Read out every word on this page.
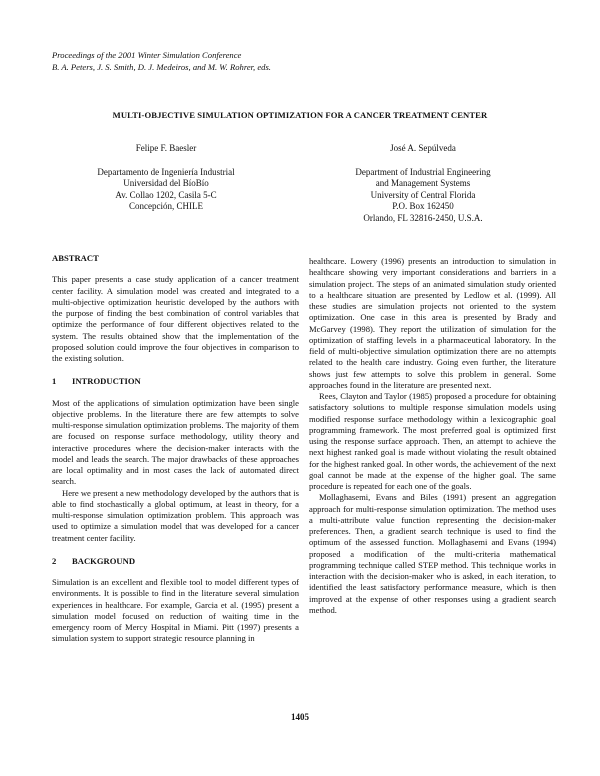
Proceedings of the 2001 Winter Simulation Conference
B. A. Peters, J. S. Smith, D. J. Medeiros, and M. W. Rohrer, eds.
MULTI-OBJECTIVE SIMULATION OPTIMIZATION FOR A CANCER TREATMENT CENTER
Felipe F. Baesler
Departamento de Ingeniería Industrial
Universidad del BíoBío
Av. Collao 1202, Casila 5-C
Concepción, CHILE
José A. Sepúlveda
Department of Industrial Engineering
and Management Systems
University of Central Florida
P.O. Box 162450
Orlando, FL 32816-2450, U.S.A.
ABSTRACT

This paper presents a case study application of a cancer treatment center facility. A simulation model was created and integrated to a multi-objective optimization heuristic developed by the authors with the purpose of finding the best combination of control variables that optimize the performance of four different objectives related to the system. The results obtained show that the implementation of the proposed solution could improve the four objectives in comparison to the existing solution.

1 INTRODUCTION

Most of the applications of simulation optimization have been single objective problems. In the literature there are few attempts to solve multi-response simulation optimization problems. The majority of them are focused on response surface methodology, utility theory and interactive procedures where the decision-maker interacts with the model and leads the search. The major drawbacks of these approaches are local optimality and in most cases the lack of automated direct search.

Here we present a new methodology developed by the authors that is able to find stochastically a global optimum, at least in theory, for a multi-response simulation optimization problem. This approach was used to optimize a simulation model that was developed for a cancer treatment center facility.

2 BACKGROUND

Simulation is an excellent and flexible tool to model different types of environments. It is possible to find in the literature several simulation experiences in healthcare. For example, Garcia et al. (1995) present a simulation model focused on reduction of waiting time in the emergency room of Mercy Hospital in Miami. Pitt (1997) presents a simulation system to support strategic resource planning in

healthcare. Lowery (1996) presents an introduction to simulation in healthcare showing very important considerations and barriers in a simulation project. The steps of an animated simulation study oriented to a healthcare situation are presented by Ledlow et al. (1999). All these studies are simulation projects not oriented to the system optimization. One case in this area is presented by Brady and McGarvey (1998). They report the utilization of simulation for the optimization of staffing levels in a pharmaceutical laboratory. In the field of multi-objective simulation optimization there are no attempts related to the health care industry. Going even further, the literature shows just few attempts to solve this problem in general. Some approaches found in the literature are presented next.

Rees, Clayton and Taylor (1985) proposed a procedure for obtaining satisfactory solutions to multiple response simulation models using modified response surface methodology within a lexicographic goal programming framework. The most preferred goal is optimized first using the response surface approach. Then, an attempt to achieve the next highest ranked goal is made without violating the result obtained for the highest ranked goal. In other words, the achievement of the next goal cannot be made at the expense of the higher goal. The same procedure is repeated for each one of the goals.

Mollaghasemi, Evans and Biles (1991) present an aggregation approach for multi-response simulation optimization. The method uses a multi-attribute value function representing the decision-maker preferences. Then, a gradient search technique is used to find the optimum of the assessed function. Mollaghasemi and Evans (1994) proposed a modification of the multi-criteria mathematical programming technique called STEP method. This technique works in interaction with the decision-maker who is asked, in each iteration, to identified the least satisfactory performance measure, which is then improved at the expense of other responses using a gradient search method.

1405
